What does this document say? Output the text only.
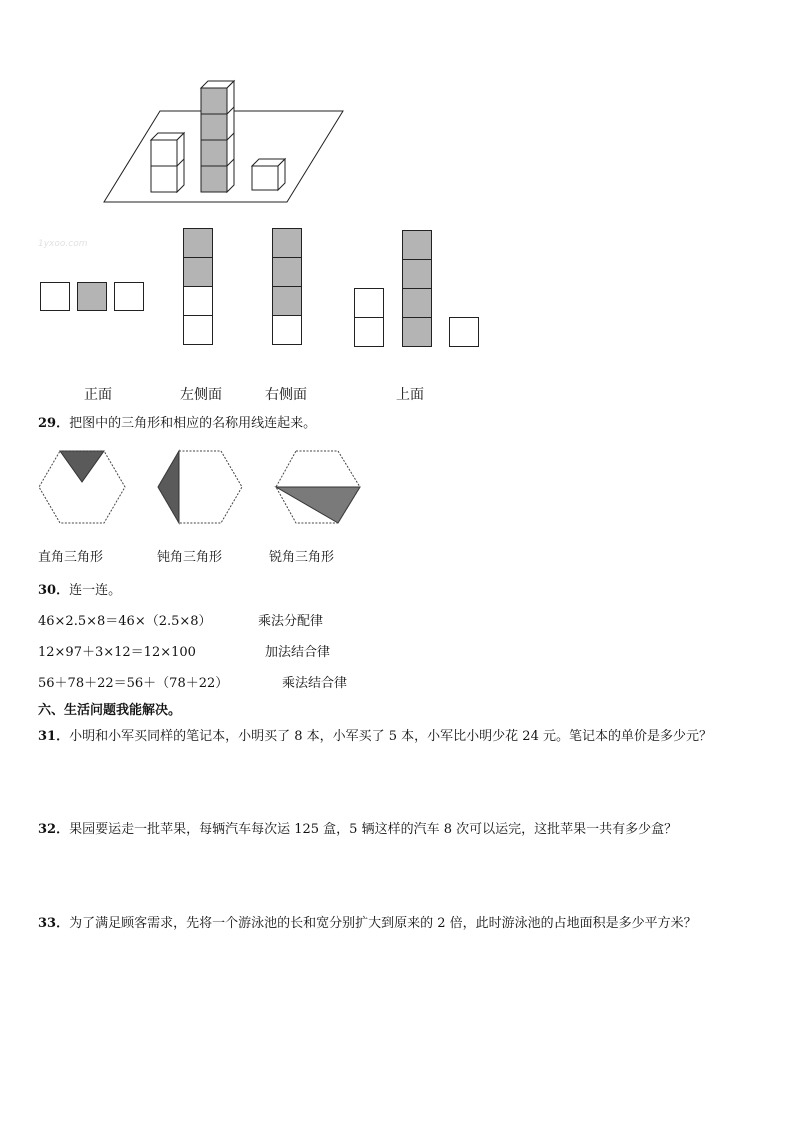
1yxoo.com
正面	左侧面	右侧面	上面
29．把图中的三角形和相应的名称用线连起来。
直角三角形	钝角三角形	锐角三角形
30．连一连。
46×2.5×8＝46×（2.5×8）	乘法分配律
12×97＋3×12＝12×100	加法结合律
56＋78＋22＝56＋（78＋22）	乘法结合律
六、生活问题我能解决。
31．小明和小军买同样的笔记本，小明买了 8 本，小军买了 5 本，小军比小明少花 24 元。笔记本的单价是多少元？
32．果园要运走一批苹果，每辆汽车每次运 125 盒，5 辆这样的汽车 8 次可以运完，这批苹果一共有多少盒？
33．为了满足顾客需求，先将一个游泳池的长和宽分别扩大到原来的 2 倍，此时游泳池的占地面积是多少平方米？
